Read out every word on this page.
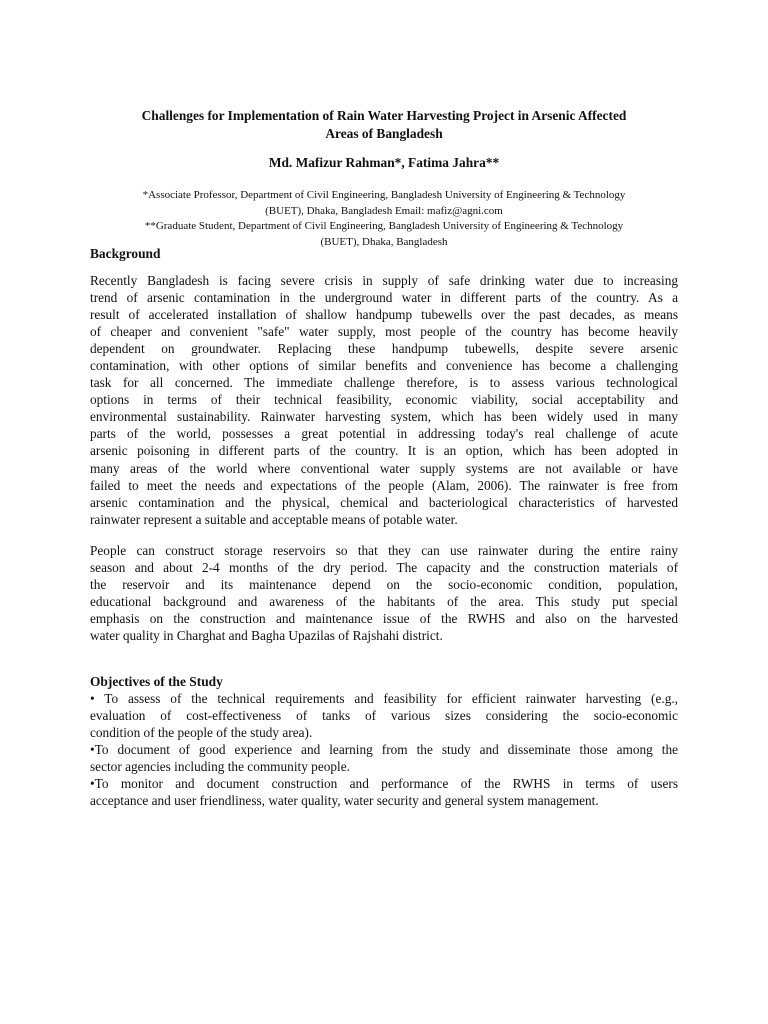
Challenges for Implementation of Rain Water Harvesting Project in Arsenic Affected
Areas of Bangladesh
Md. Mafizur Rahman*, Fatima Jahra**
*Associate Professor, Department of Civil Engineering, Bangladesh University of Engineering & Technology
(BUET), Dhaka, Bangladesh Email: mafiz@agni.com
**Graduate Student, Department of Civil Engineering, Bangladesh University of Engineering & Technology
(BUET), Dhaka, Bangladesh
Background
Recently Bangladesh is facing severe crisis in supply of safe drinking water due to increasing
trend of arsenic contamination in the underground water in different parts of the country. As a
result of accelerated installation of shallow handpump tubewells over the past decades, as means
of cheaper and convenient "safe" water supply, most people of the country has become heavily
dependent on groundwater. Replacing these handpump tubewells, despite severe arsenic
contamination, with other options of similar benefits and convenience has become a challenging
task for all concerned. The immediate challenge therefore, is to assess various technological
options in terms of their technical feasibility, economic viability, social acceptability and
environmental sustainability. Rainwater harvesting system, which has been widely used in many
parts of the world, possesses a great potential in addressing today's real challenge of acute
arsenic poisoning in different parts of the country. It is an option, which has been adopted in
many areas of the world where conventional water supply systems are not available or have
failed to meet the needs and expectations of the people (Alam, 2006). The rainwater is free from
arsenic contamination and the physical, chemical and bacteriological characteristics of harvested
rainwater represent a suitable and acceptable means of potable water.
People can construct storage reservoirs so that they can use rainwater during the entire rainy
season and about 2-4 months of the dry period. The capacity and the construction materials of
the reservoir and its maintenance depend on the socio-economic condition, population,
educational background and awareness of the habitants of the area. This study put special
emphasis on the construction and maintenance issue of the RWHS and also on the harvested
water quality in Charghat and Bagha Upazilas of Rajshahi district.
Objectives of the Study
• To assess of the technical requirements and feasibility for efficient rainwater harvesting (e.g.,
evaluation of cost-effectiveness of tanks of various sizes considering the socio-economic
condition of the people of the study area).
•To document of good experience and learning from the study and disseminate those among the
sector agencies including the community people.
•To monitor and document construction and performance of the RWHS in terms of users
acceptance and user friendliness, water quality, water security and general system management.
